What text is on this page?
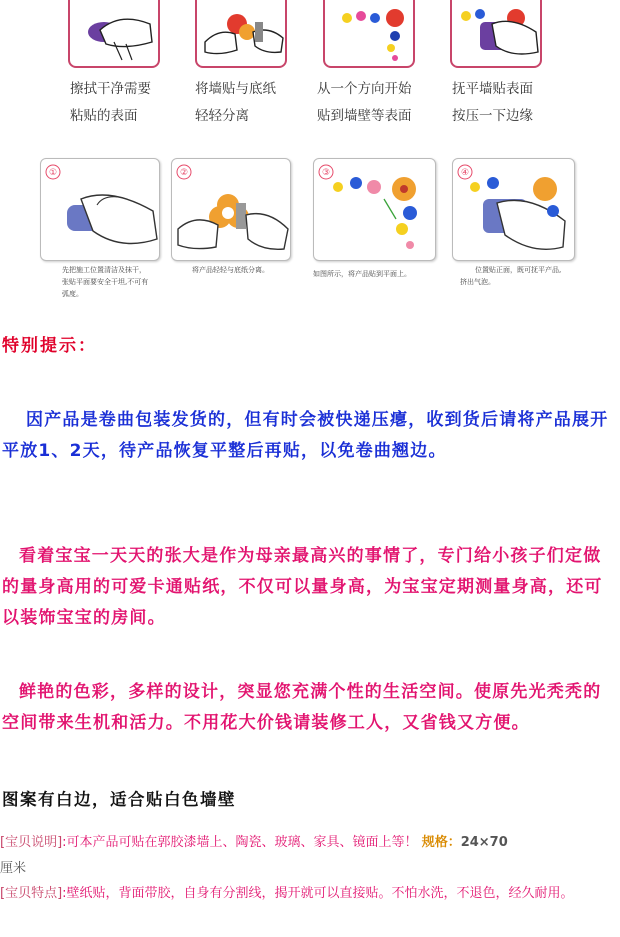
擦拭干净需要
粘贴的表面
将墙贴与底纸
轻轻分离
从一个方向开始
贴到墙壁等表面
抚平墙贴表面
按压一下边缘
①	②	③	④
先把施工位置清洁及抹干，
张贴平面要安全干坦,不可有
弧度。
将产品轻轻与底纸分离。	如图所示，将产品贴到平面上。	位置贴正面，既可抚平产品,
挤出气泡。
特别提示：
因产品是卷曲包装发货的，但有时会被快递压瘪，收到货后请将产品展开平放1、2天，待产品恢复平整后再贴，以免卷曲翘边。
看着宝宝一天天的张大是作为母亲最高兴的事情了，专门给小孩子们定做的量身高用的可爱卡通贴纸，不仅可以量身高，为宝宝定期测量身高，还可以装饰宝宝的房间。
鲜艳的色彩，多样的设计，突显您充满个性的生活空间。使原先光秃秃的空间带来生机和活力。不用花大价钱请装修工人，又省钱又方便。
图案有白边，适合贴白色墙壁
[宝贝说明]:可本产品可贴在郭胶漆墙上、陶瓷、玻璃、家具、镜面上等！ 规格：24×70
厘米
[宝贝特点]:壁纸贴，背面带胶，自身有分割线，揭开就可以直接贴。不怕水洗，不退色，经久耐用。
